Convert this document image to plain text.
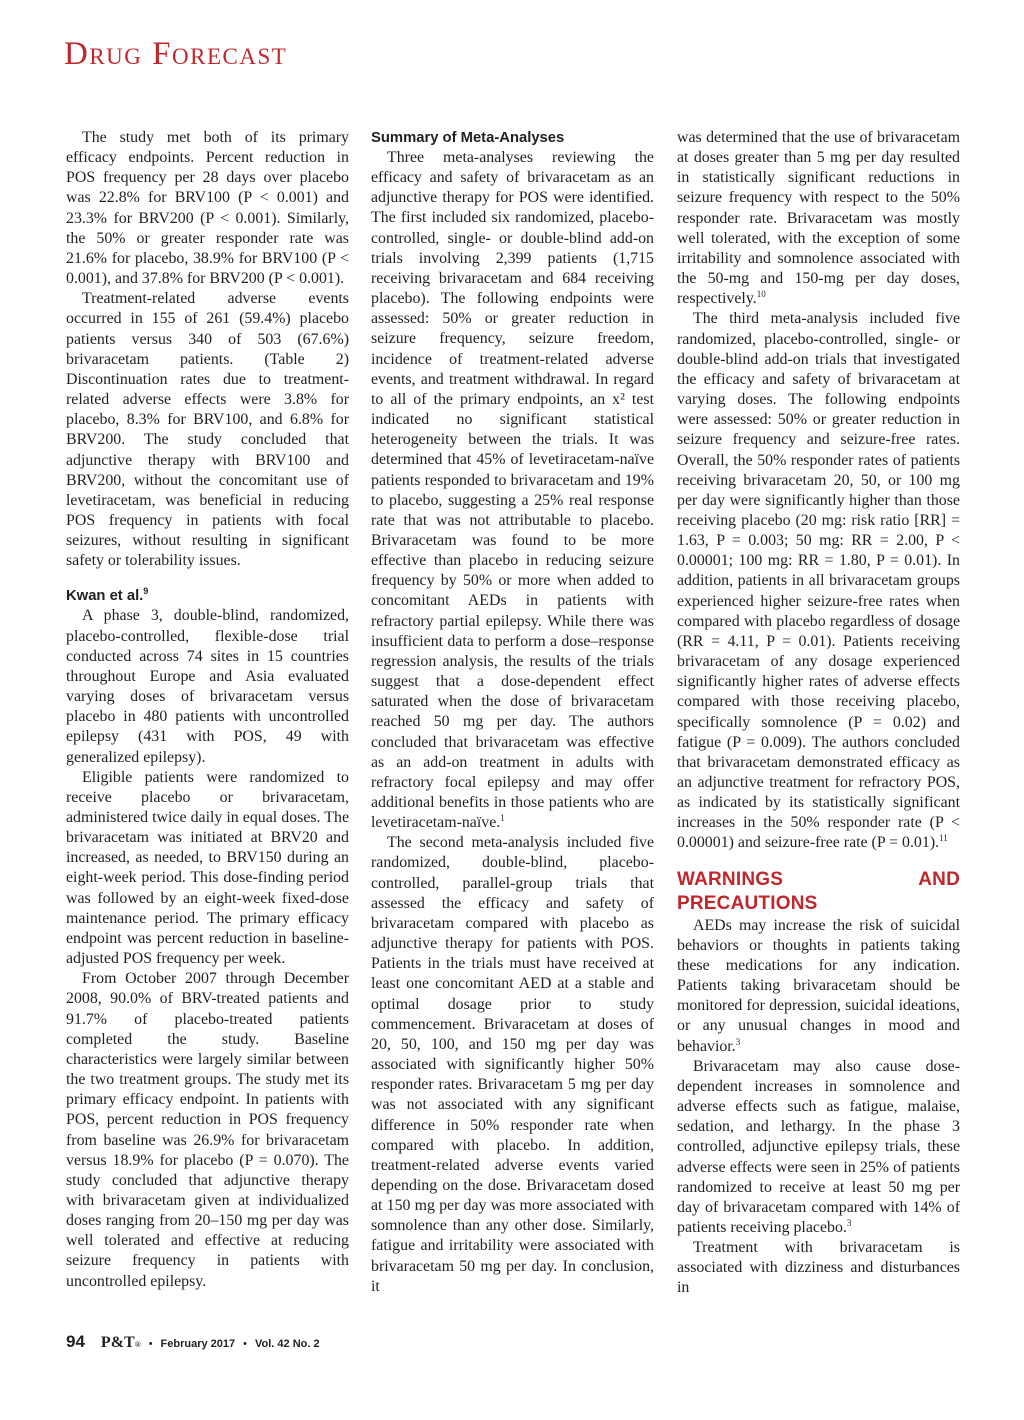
Drug Forecast

The study met both of its primary efficacy endpoints. Percent reduction in POS frequency per 28 days over placebo was 22.8% for BRV100 (P < 0.001) and 23.3% for BRV200 (P < 0.001). Similarly, the 50% or greater responder rate was 21.6% for placebo, 38.9% for BRV100 (P < 0.001), and 37.8% for BRV200 (P < 0.001).

Treatment-related adverse events occurred in 155 of 261 (59.4%) placebo patients versus 340 of 503 (67.6%) brivaracetam patients. (Table 2) Discontinuation rates due to treatment-related adverse effects were 3.8% for placebo, 8.3% for BRV100, and 6.8% for BRV200. The study concluded that adjunctive therapy with BRV100 and BRV200, without the concomitant use of levetiracetam, was beneficial in reducing POS frequency in patients with focal seizures, without resulting in significant safety or tolerability issues.

Kwan et al.$^9$

A phase 3, double-blind, randomized, placebo-controlled, flexible-dose trial conducted across 74 sites in 15 countries throughout Europe and Asia evaluated varying doses of brivaracetam versus placebo in 480 patients with uncontrolled epilepsy (431 with POS, 49 with generalized epilepsy).

Eligible patients were randomized to receive placebo or brivaracetam, administered twice daily in equal doses. The brivaracetam was initiated at BRV20 and increased, as needed, to BRV150 during an eight-week period. This dose-finding period was followed by an eight-week fixed-dose maintenance period. The primary efficacy endpoint was percent reduction in baseline-adjusted POS frequency per week.

From October 2007 through December 2008, 90.0% of BRV-treated patients and 91.7% of placebo-treated patients completed the study. Baseline characteristics were largely similar between the two treatment groups. The study met its primary efficacy endpoint. In patients with POS, percent reduction in POS frequency from baseline was 26.9% for brivaracetam versus 18.9% for placebo (P = 0.070). The study concluded that adjunctive therapy with brivaracetam given at individualized doses ranging from 20–150 mg per day was well tolerated and effective at reducing seizure frequency in patients with uncontrolled epilepsy.

Summary of Meta-Analyses

Three meta-analyses reviewing the efficacy and safety of brivaracetam as an adjunctive therapy for POS were identified. The first included six randomized, placebo-controlled, single- or double-blind add-on trials involving 2,399 patients (1,715 receiving brivaracetam and 684 receiving placebo). The following endpoints were assessed: 50% or greater reduction in seizure frequency, seizure freedom, incidence of treatment-related adverse events, and treatment withdrawal. In regard to all of the primary endpoints, an x² test indicated no significant statistical heterogeneity between the trials. It was determined that 45% of levetiracetam-naïve patients responded to brivaracetam and 19% to placebo, suggesting a 25% real response rate that was not attributable to placebo. Brivaracetam was found to be more effective than placebo in reducing seizure frequency by 50% or more when added to concomitant AEDs in patients with refractory partial epilepsy. While there was insufficient data to perform a dose–response regression analysis, the results of the trials suggest that a dose-dependent effect saturated when the dose of brivaracetam reached 50 mg per day. The authors concluded that brivaracetam was effective as an add-on treatment in adults with refractory focal epilepsy and may offer additional benefits in those patients who are levetiracetam-naïve.$^1$

The second meta-analysis included five randomized, double-blind, placebo-controlled, parallel-group trials that assessed the efficacy and safety of brivaracetam compared with placebo as adjunctive therapy for patients with POS. Patients in the trials must have received at least one concomitant AED at a stable and optimal dosage prior to study commencement. Brivaracetam at doses of 20, 50, 100, and 150 mg per day was associated with significantly higher 50% responder rates. Brivaracetam 5 mg per day was not associated with any significant difference in 50% responder rate when compared with placebo. In addition, treatment-related adverse events varied depending on the dose. Brivaracetam dosed at 150 mg per day was more associated with somnolence than any other dose. Similarly, fatigue and irritability were associated with brivaracetam 50 mg per day. In conclusion, it

was determined that the use of brivaracetam at doses greater than 5 mg per day resulted in statistically significant reductions in seizure frequency with respect to the 50% responder rate. Brivaracetam was mostly well tolerated, with the exception of some irritability and somnolence associated with the 50-mg and 150-mg per day doses, respectively.$^{10}$

The third meta-analysis included five randomized, placebo-controlled, single- or double-blind add-on trials that investigated the efficacy and safety of brivaracetam at varying doses. The following endpoints were assessed: 50% or greater reduction in seizure frequency and seizure-free rates. Overall, the 50% responder rates of patients receiving brivaracetam 20, 50, or 100 mg per day were significantly higher than those receiving placebo (20 mg: risk ratio [RR] = 1.63, P = 0.003; 50 mg: RR = 2.00, P < 0.00001; 100 mg: RR = 1.80, P = 0.01). In addition, patients in all brivaracetam groups experienced higher seizure-free rates when compared with placebo regardless of dosage (RR = 4.11, P = 0.01). Patients receiving brivaracetam of any dosage experienced significantly higher rates of adverse effects compared with those receiving placebo, specifically somnolence (P = 0.02) and fatigue (P = 0.009). The authors concluded that brivaracetam demonstrated efficacy as an adjunctive treatment for refractory POS, as indicated by its statistically significant increases in the 50% responder rate (P < 0.00001) and seizure-free rate (P = 0.01).$^{11}$

WARNINGS AND PRECAUTIONS

AEDs may increase the risk of suicidal behaviors or thoughts in patients taking these medications for any indication. Patients taking brivaracetam should be monitored for depression, suicidal ideations, or any unusual changes in mood and behavior.$^3$

Brivaracetam may also cause dose-dependent increases in somnolence and adverse effects such as fatigue, malaise, sedation, and lethargy. In the phase 3 controlled, adjunctive epilepsy trials, these adverse effects were seen in 25% of patients randomized to receive at least 50 mg per day of brivaracetam compared with 14% of patients receiving placebo.$^3$

Treatment with brivaracetam is associated with dizziness and disturbances in

94 P&T® • February 2017 • Vol. 42 No. 2
